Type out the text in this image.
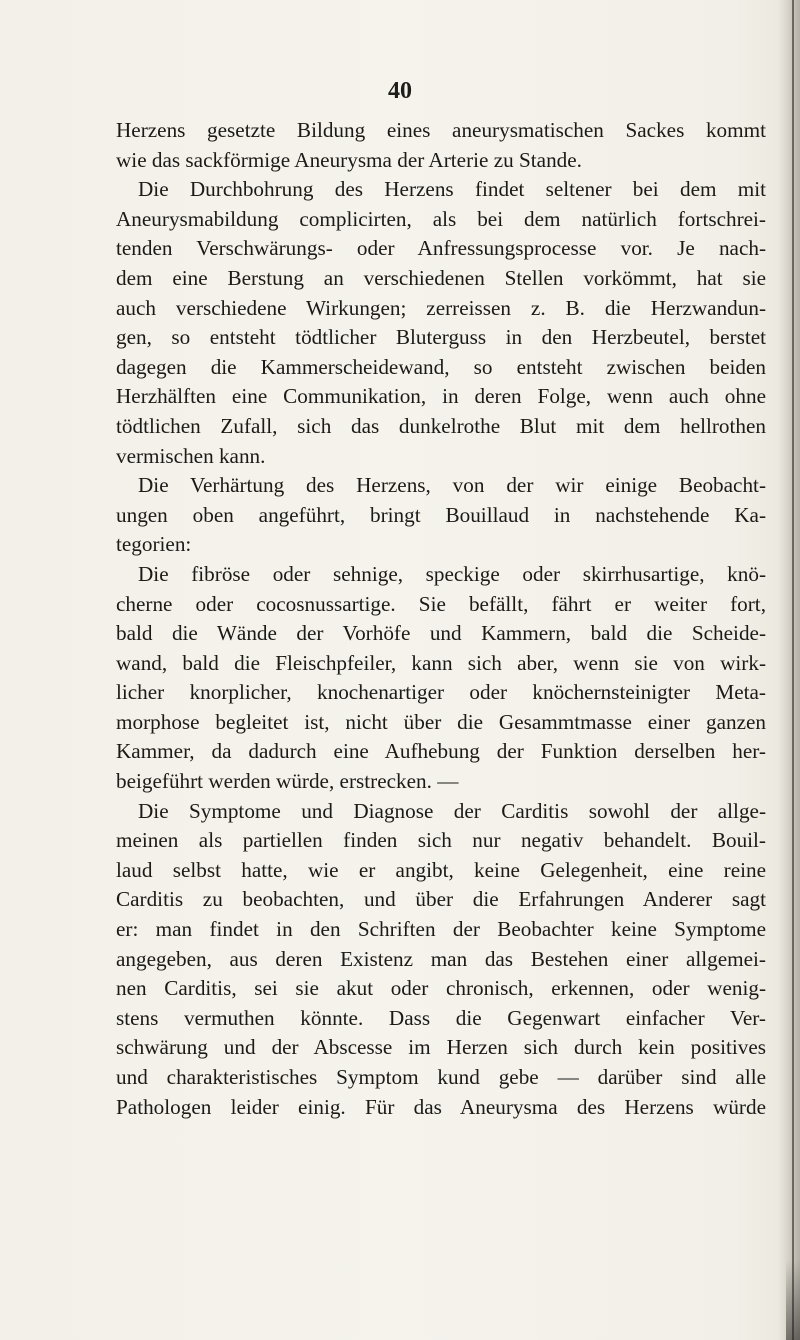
40
Herzens gesetzte Bildung eines aneurysmatischen Sackes kommt
wie das sackförmige Aneurysma der Arterie zu Stande.
Die Durchbohrung des Herzens findet seltener bei dem mit
Aneurysmabildung complicirten, als bei dem natürlich fortschrei-
tenden Verschwärungs- oder Anfressungsprocesse vor. Je nach-
dem eine Berstung an verschiedenen Stellen vorkömmt, hat sie
auch verschiedene Wirkungen; zerreissen z. B. die Herzwandun-
gen, so entsteht tödtlicher Bluterguss in den Herzbeutel, berstet
dagegen die Kammerscheidewand, so entsteht zwischen beiden
Herzhälften eine Communikation, in deren Folge, wenn auch ohne
tödtlichen Zufall, sich das dunkelrothe Blut mit dem hellrothen
vermischen kann.
Die Verhärtung des Herzens, von der wir einige Beobacht-
ungen oben angeführt, bringt Bouillaud in nachstehende Ka-
tegorien:
Die fibröse oder sehnige, speckige oder skirrhusartige, knö-
cherne oder cocosnussartige. Sie befällt, fährt er weiter fort,
bald die Wände der Vorhöfe und Kammern, bald die Scheide-
wand, bald die Fleischpfeiler, kann sich aber, wenn sie von wirk-
licher knorplicher, knochenartiger oder knöchernsteinigter Meta-
morphose begleitet ist, nicht über die Gesammtmasse einer ganzen
Kammer, da dadurch eine Aufhebung der Funktion derselben her-
beigeführt werden würde, erstrecken. —
Die Symptome und Diagnose der Carditis sowohl der allge-
meinen als partiellen finden sich nur negativ behandelt. Bouil-
laud selbst hatte, wie er angibt, keine Gelegenheit, eine reine
Carditis zu beobachten, und über die Erfahrungen Anderer sagt
er: man findet in den Schriften der Beobachter keine Symptome
angegeben, aus deren Existenz man das Bestehen einer allgemei-
nen Carditis, sei sie akut oder chronisch, erkennen, oder wenig-
stens vermuthen könnte. Dass die Gegenwart einfacher Ver-
schwärung und der Abscesse im Herzen sich durch kein positives
und charakteristisches Symptom kund gebe — darüber sind alle
Pathologen leider einig. Für das Aneurysma des Herzens würde
